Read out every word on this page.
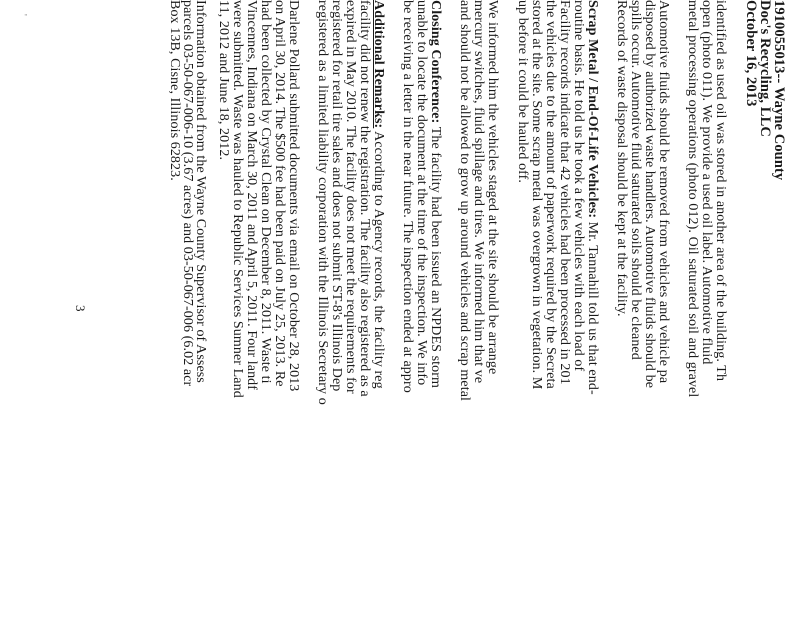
1910055013-- Wayne County
Doc's Recycling, LLC
October 16, 2013
identified as used oil was stored in another area of the building. Th
open (photo 011). We provide a used oil label. Automotive fluid
metal processing operations (photo 012). Oil saturated soil and gravel
Automotive fluids should be removed from vehicles and vehicle pa
disposed by authorized waste handlers. Automotive fluids should be
spills occur. Automotive fluid saturated soils should be cleaned
Records of waste disposal should be kept at the facility.
Scrap Metal / End-Of-Life Vehicles: Mr. Tannahill told us that end-
routine basis. He told us he took a few vehicles with each load of
Facility records indicate that 42 vehicles had been processed in 201
the vehicles due to the amount of paperwork required by the Secreta
stored at the site. Some scrap metal was overgrown in vegetation. M
up before it could be hauled off.
We informed him the vehicles staged at the site should be arrange
mercury switches, fluid spillage and tires. We informed him that ve
and should not be allowed to grow up around vehicles and scrap metal
Closing Conference: The facility had been issued an NPDES storm
unable to locate the document at the time of the inspection. We info
be receiving a letter in the near future. The inspection ended at appro
Additional Remarks: According to Agency records, the facility reg
facility did not renew the registration. The facility also registered as a
expired in May 2010. The facility does not meet the requirements for
registered for retail tire sales and does not submit ST-8's Illinois Dep
registered as a limited liability corporation with the Illinois Secretary o
Darlene Pollard submitted documents via email on October 28, 2013
on April 30, 2014. The $500 fee had been paid on July 25, 2013. Re
had been collected by Crystal Clean on December 8, 2011. Waste ti
Vincennes, Indiana on March 30, 2011 and April 5, 2011. Four landf
were submitted. Waste was hauled to Republic Services Sumner Land
11, 2012 and June 18, 2012.
Information obtained from the Wayne County Supervisor of Assess
parcels 03-50-067-006-10 (3.67 acres) and 03-50-067-006 (6.02 acr
Box 13B, Cisne, Illinois 62823.
3
'
